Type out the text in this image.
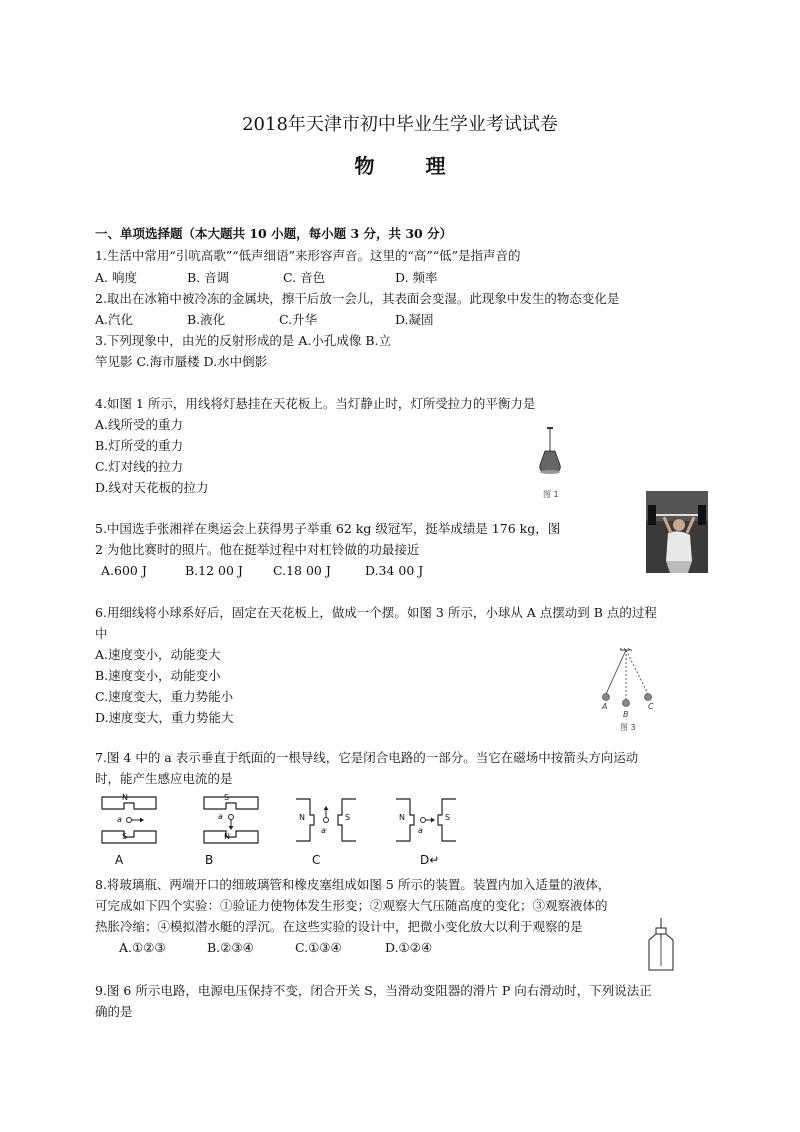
2018年天津市初中毕业生学业考试试卷
物 理
一、单项选择题（本大题共 10 小题，每小题 3 分，共 30 分）
1.生活中常用“引吭高歌”“低声细语”来形容声音。这里的“高”“低”是指声音的
A. 响度	B. 音调	C. 音色	D. 频率
2.取出在冰箱中被冷冻的金属块，擦干后放一会儿，其表面会变湿。此现象中发生的物态变化是
A.汽化	B.液化	C.升华	D.凝固
3.下列现象中，由光的反射形成的是 A.小孔成像 B.立
竿见影 C.海市蜃楼 D.水中倒影
4.如图 1 所示，用线将灯悬挂在天花板上。当灯静止时，灯所受拉力的平衡力是
A.线所受的重力
B.灯所受的重力
C.灯对线的拉力
D.线对天花板的拉力	图 1
5.中国选手张湘祥在奥运会上获得男子举重 62 kg 级冠军，挺举成绩是 176 kg，图
2 为他比赛时的照片。他在挺举过程中对杠铃做的功最接近
A.600 J	B.12 00 J	C.18 00 J	D.34 00 J
6.用细线将小球系好后，固定在天花板上，做成一个摆。如图 3 所示，小球从 A 点摆动到 B 点的过程
中
A.速度变小，动能变大
B.速度变小，动能变小
C.速度变大，重力势能小
D.速度变大，重力势能大
A
B
C
图 3
7.图 4 中的 a 表示垂直于纸面的一根导线，它是闭合电路的一部分。当它在磁场中按箭头方向运动
时，能产生感应电流的是
N
S
a
A
S
N
a
B
N	S
a
C
N	S
a
D↵
8.将玻璃瓶、两端开口的细玻璃管和橡皮塞组成如图 5 所示的装置。装置内加入适量的液体，
可完成如下四个实验：①验证力使物体发生形变；②观察大气压随高度的变化；③观察液体的
热胀冷缩；④模拟潜水艇的浮沉。在这些实验的设计中，把微小变化放大以利于观察的是
A.①②③	B.②③④	C.①③④	D.①②④
9.图 6 所示电路，电源电压保持不变，闭合开关 S，当滑动变阻器的滑片 P 向右滑动时，下列说法正
确的是
